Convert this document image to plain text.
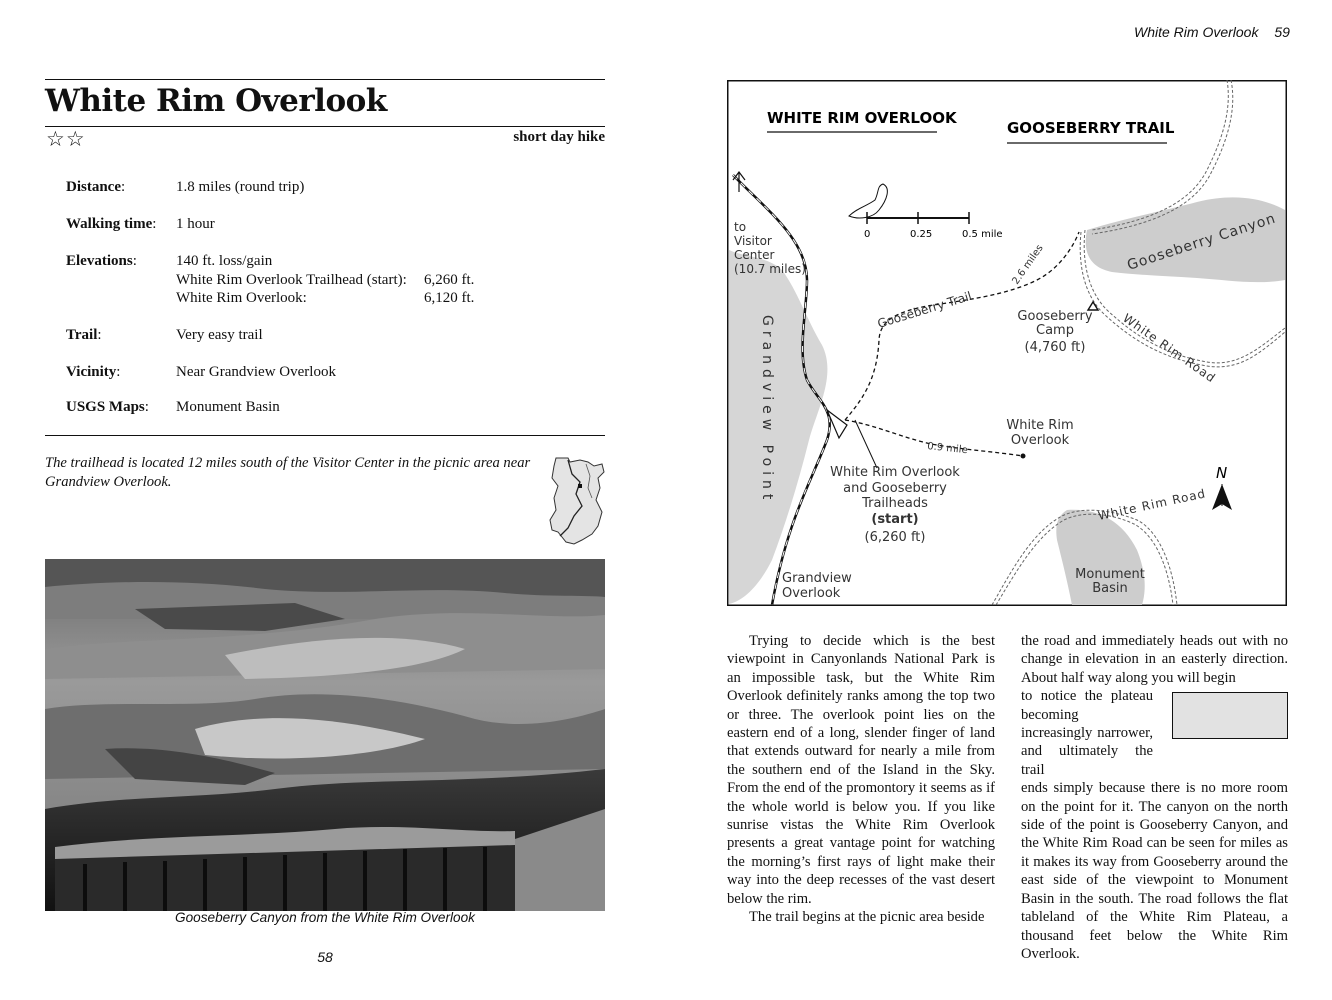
White Rim Overlook 59
White Rim Overlook
☆☆	short day hike
Distance:	1.8 miles (round trip)	

Walking time:	1 hour	

Elevations:	140 ft. loss/gain	
	White Rim Overlook Trailhead (start):	6,260 ft.
	White Rim Overlook:	6,120 ft.

Trail:	Very easy trail	

Vicinity:	Near Grandview Overlook	

USGS Maps:	Monument Basin	
The trailhead is located 12 miles south of the Visitor Center in the picnic area near Grandview Overlook.
Gooseberry Canyon from the White Rim Overlook
58
WHITE RIM OVERLOOK
GOOSEBERRY TRAIL
0	0.25	0.5 mile
to
Visitor
Center
(10.7 miles)
Grandview Point
Gooseberry Trail
2.6 miles
0.9 mile
Gooseberry Canyon
Gooseberry
Camp
(4,760 ft)	White Rim Road
White Rim
Overlook
White Rim Overlook
and Gooseberry
Trailheads
(start)
(6,260 ft)
N
White Rim Road
Monument
Basin
Grandview
Overlook

Trying to decide which is the best viewpoint in Canyonlands National Park is an impossible task, but the White Rim Overlook definitely ranks among the top two or three. The overlook point lies on the eastern end of a long, slender finger of land that extends outward for nearly a mile from the southern end of the Island in the Sky. From the end of the promontory it seems as if the whole world is below you. If you like sunrise vistas the White Rim Overlook presents a great vantage point for watching the morning’s first rays of light make their way into the deep recesses of the vast desert below the rim.

The trail begins at the picnic area beside

the road and immediately heads out with no change in elevation in an easterly direction. About half way along you will begin
to notice the plateau becoming increasingly narrower, and ultimately the trail
ends simply because there is no more room on the point for it. The canyon on the north side of the point is Gooseberry Canyon, and the White Rim Road can be seen for miles as it makes its way from Gooseberry around the east side of the viewpoint to Monument Basin in the south. The road follows the flat tableland of the White Rim Plateau, a thousand feet below the White Rim Overlook.
